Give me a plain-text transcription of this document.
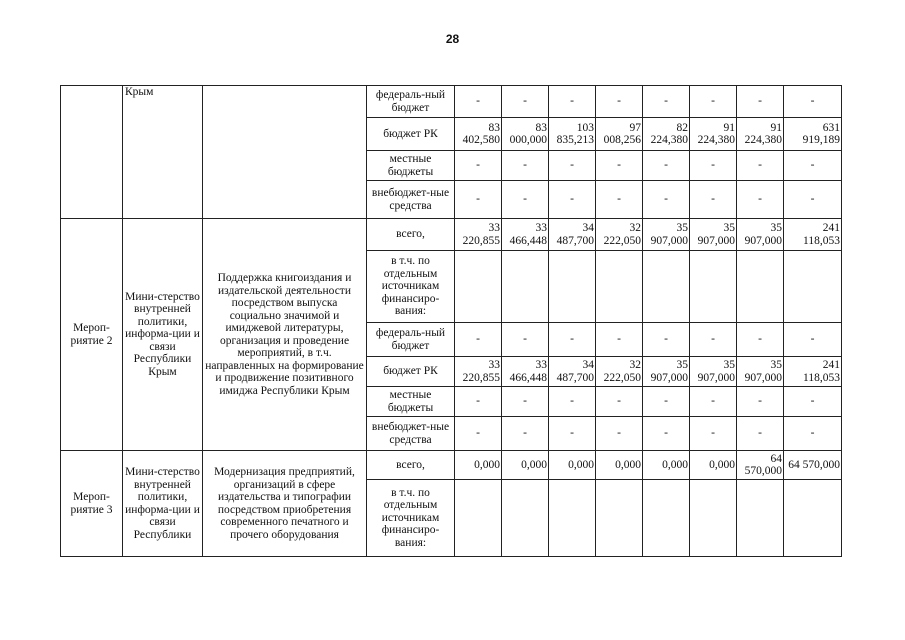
28
	Крым		федераль-ный бюджет	-	-	-	-	-	-	-	-
			бюджет РК	83 402,580	83 000,000	103 835,213	97 008,256	82 224,380	91 224,380	91 224,380	631 919,189
			местные бюджеты	-	-	-	-	-	-	-	-
			внебюджет-ные средства	-	-	-	-	-	-	-	-
Мероп-риятие 2	Мини-стерство внутренней политики, информа-ции и связи Республики Крым	Поддержка книгоиздания и издательской деятельности посредством выпуска социально значимой и имиджевой литературы, организация и проведение мероприятий, в т.ч. направленных на формирование и продвижение позитивного имиджа Республики Крым	всего,	33 220,855	33 466,448	34 487,700	32 222,050	35 907,000	35 907,000	35 907,000	241 118,053
			в т.ч. по отдельным источникам финансиро-вания:								
			федераль-ный бюджет	-	-	-	-	-	-	-	-
			бюджет РК	33 220,855	33 466,448	34 487,700	32 222,050	35 907,000	35 907,000	35 907,000	241 118,053
			местные бюджеты	-	-	-	-	-	-	-	-
			внебюджет-ные средства	-	-	-	-	-	-	-	-
Мероп-риятие 3	Мини-стерство внутренней политики, информа-ции и связи Республики	Модернизация предприятий, организаций в сфере издательства и типографии посредством приобретения современного печатного и прочего оборудования	всего,	0,000	0,000	0,000	0,000	0,000	0,000	64 570,000	64 570,000
			в т.ч. по отдельным источникам финансиро-вания:								
